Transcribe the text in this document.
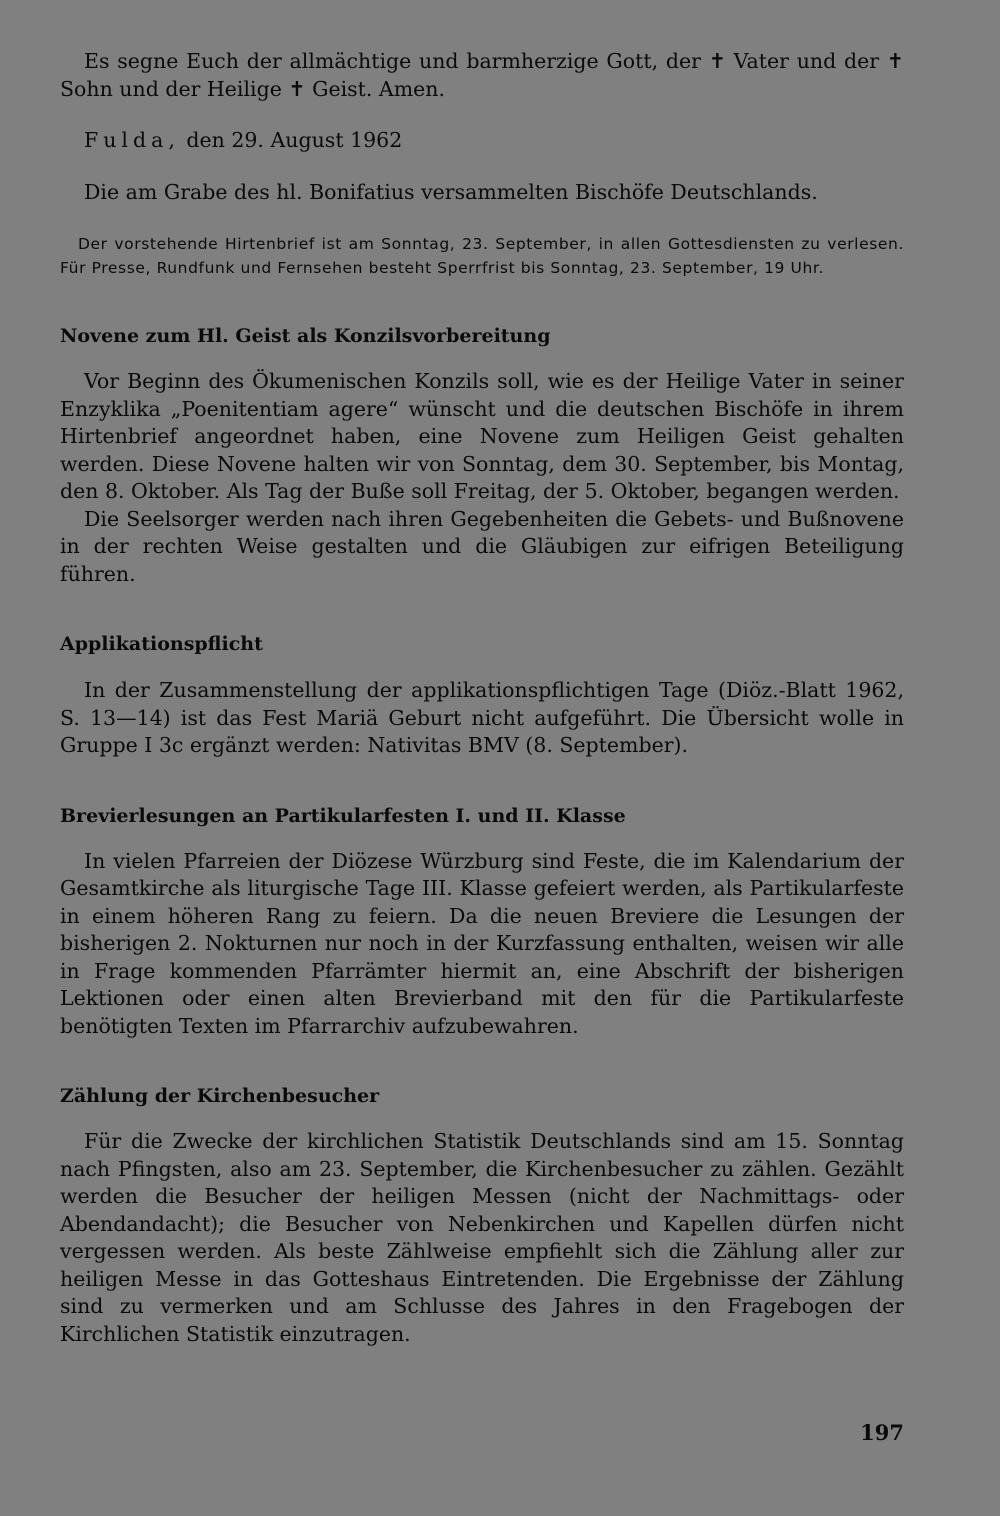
Es segne Euch der allmächtige und barmherzige Gott, der ✝ Vater und der ✝ Sohn und der Heilige ✝ Geist. Amen.

Fulda, den 29. August 1962

Die am Grabe des hl. Bonifatius versammelten Bischöfe Deutschlands.

Der vorstehende Hirtenbrief ist am Sonntag, 23. September, in allen Gottesdiensten zu verlesen. Für Presse, Rundfunk und Fernsehen besteht Sperrfrist bis Sonntag, 23. September, 19 Uhr.

Novene zum Hl. Geist als Konzilsvorbereitung

Vor Beginn des Ökumenischen Konzils soll, wie es der Heilige Vater in seiner Enzyklika „Poenitentiam agere“ wünscht und die deutschen Bischöfe in ihrem Hirtenbrief angeordnet haben, eine Novene zum Heiligen Geist gehalten werden. Diese Novene halten wir von Sonntag, dem 30. September, bis Montag, den 8. Oktober. Als Tag der Buße soll Freitag, der 5. Oktober, begangen werden.

Die Seelsorger werden nach ihren Gegebenheiten die Gebets- und Bußnovene in der rechten Weise gestalten und die Gläubigen zur eifrigen Beteiligung führen.

Applikationspflicht

In der Zusammenstellung der applikationspflichtigen Tage (Diöz.-Blatt 1962, S. 13—14) ist das Fest Mariä Geburt nicht aufgeführt. Die Übersicht wolle in Gruppe I 3c ergänzt werden: Nativitas BMV (8. September).

Brevierlesungen an Partikularfesten I. und II. Klasse

In vielen Pfarreien der Diözese Würzburg sind Feste, die im Kalendarium der Gesamtkirche als liturgische Tage III. Klasse gefeiert werden, als Partikularfeste in einem höheren Rang zu feiern. Da die neuen Breviere die Lesungen der bisherigen 2. Nokturnen nur noch in der Kurzfassung enthalten, weisen wir alle in Frage kommenden Pfarrämter hiermit an, eine Abschrift der bisherigen Lektionen oder einen alten Brevierband mit den für die Partikularfeste benötigten Texten im Pfarrarchiv aufzubewahren.

Zählung der Kirchenbesucher

Für die Zwecke der kirchlichen Statistik Deutschlands sind am 15. Sonntag nach Pfingsten, also am 23. September, die Kirchenbesucher zu zählen. Gezählt werden die Besucher der heiligen Messen (nicht der Nachmittags- oder Abendandacht); die Besucher von Nebenkirchen und Kapellen dürfen nicht vergessen werden. Als beste Zählweise empfiehlt sich die Zählung aller zur heiligen Messe in das Gotteshaus Eintretenden. Die Ergebnisse der Zählung sind zu vermerken und am Schlusse des Jahres in den Fragebogen der Kirchlichen Statistik einzutragen.

197
